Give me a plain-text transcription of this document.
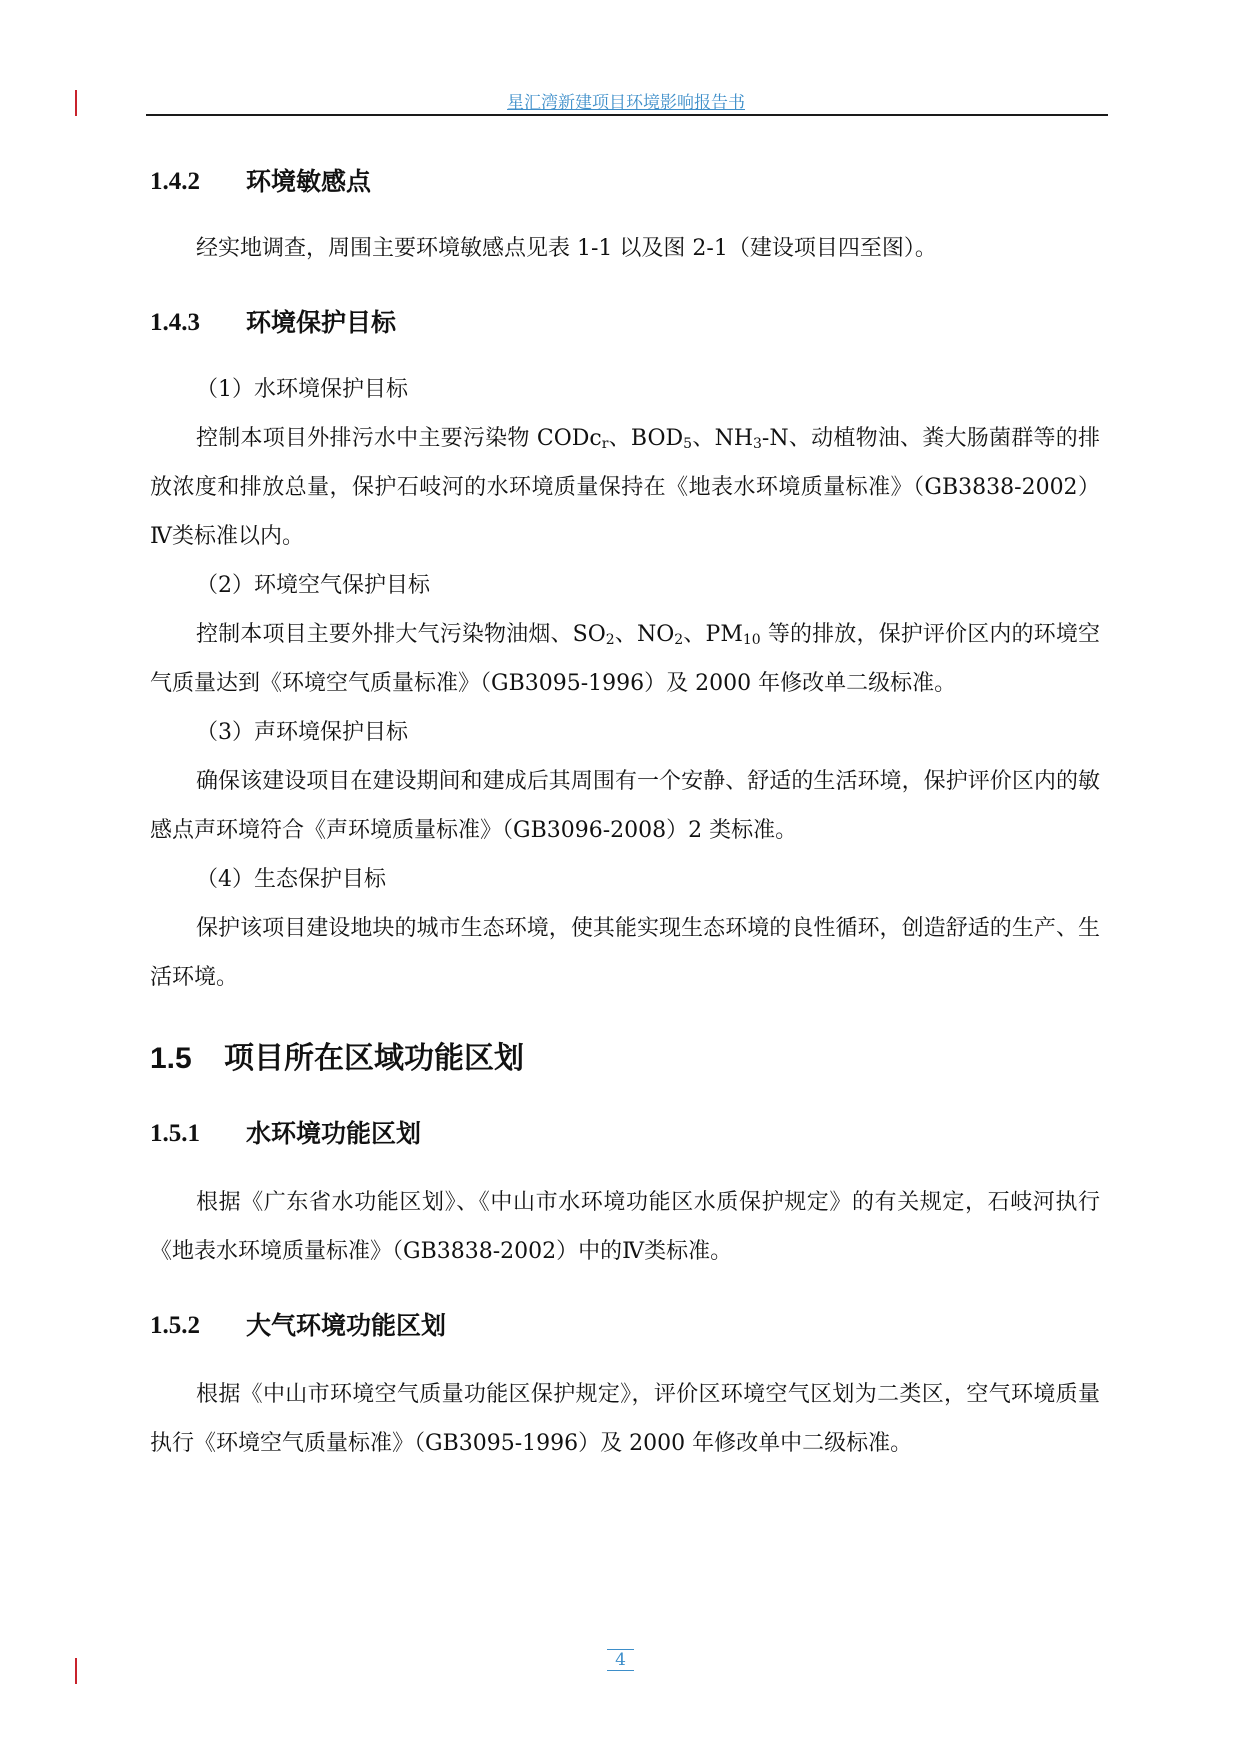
星汇湾新建项目环境影响报告书
1.4.2	环境敏感点

经实地调查，周围主要环境敏感点见表 1-1 以及图 2-1（建设项目四至图）。

1.4.3	环境保护目标

（1）水环境保护目标

控制本项目外排污水中主要污染物 CODc$_r$、$BOD_5$、$NH_3-N$、动植物油、粪大肠菌群等的排放浓度和排放总量，保护石岐河的水环境质量保持在《地表水环境质量标准》（GB3838-2002）Ⅳ类标准以内。

（2）环境空气保护目标

控制本项目主要外排大气污染物油烟、$SO_2$、$NO_2$、$PM_{10}$ 等的排放，保护评价区内的环境空气质量达到《环境空气质量标准》（GB3095-1996）及 2000 年修改单二级标准。

（3）声环境保护目标

确保该建设项目在建设期间和建成后其周围有一个安静、舒适的生活环境，保护评价区内的敏感点声环境符合《声环境质量标准》（GB3096-2008）2 类标准。

（4）生态保护目标

保护该项目建设地块的城市生态环境，使其能实现生态环境的良性循环，创造舒适的生产、生活环境。

1.5	项目所在区域功能区划
1.5.1	水环境功能区划

根据《广东省水功能区划》、《中山市水环境功能区水质保护规定》的有关规定，石岐河执行《地表水环境质量标准》（GB3838-2002）中的Ⅳ类标准。

1.5.2	大气环境功能区划

根据《中山市环境空气质量功能区保护规定》，评价区环境空气区划为二类区，空气环境质量执行《环境空气质量标准》（GB3095-1996）及 2000 年修改单中二级标准。

4
